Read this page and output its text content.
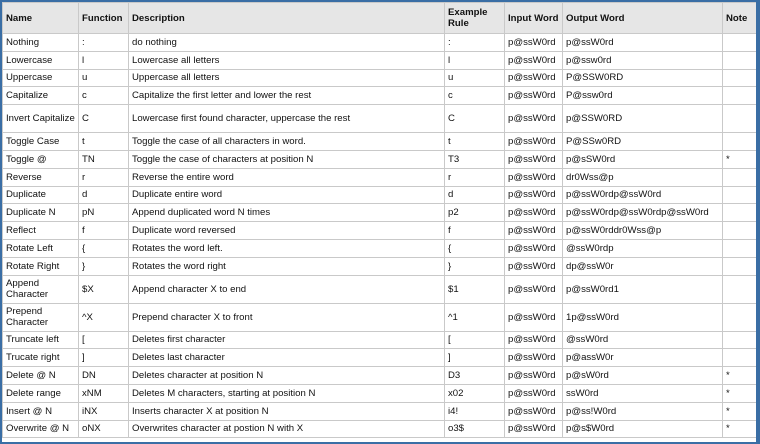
Name	Function	Description	Example Rule	Input Word	Output Word	Note
Nothing	:	do nothing	:	p@ssW0rd	p@ssW0rd	
Lowercase	l	Lowercase all letters	l	p@ssW0rd	p@ssw0rd	
Uppercase	u	Uppercase all letters	u	p@ssW0rd	P@SSW0RD	
Capitalize	c	Capitalize the first letter and lower the rest	c	p@ssW0rd	P@ssw0rd	
Invert Capitalize	C	Lowercase first found character, uppercase the rest	C	p@ssW0rd	p@SSW0RD	
Toggle Case	t	Toggle the case of all characters in word.	t	p@ssW0rd	P@SSw0RD	
Toggle @	TN	Toggle the case of characters at position N	T3	p@ssW0rd	p@sSW0rd	*
Reverse	r	Reverse the entire word	r	p@ssW0rd	dr0Wss@p	
Duplicate	d	Duplicate entire word	d	p@ssW0rd	p@ssW0rdp@ssW0rd	
Duplicate N	pN	Append duplicated word N times	p2	p@ssW0rd	p@ssW0rdp@ssW0rdp@ssW0rd	
Reflect	f	Duplicate word reversed	f	p@ssW0rd	p@ssW0rddr0Wss@p	
Rotate Left	{	Rotates the word left.	{	p@ssW0rd	@ssW0rdp	
Rotate Right	}	Rotates the word right	}	p@ssW0rd	dp@ssW0r	
Append Character	$X	Append character X to end	$1	p@ssW0rd	p@ssW0rd1	
Prepend Character	^X	Prepend character X to front	^1	p@ssW0rd	1p@ssW0rd	
Truncate left	[	Deletes first character	[	p@ssW0rd	@ssW0rd	
Trucate right	]	Deletes last character	]	p@ssW0rd	p@assW0r	
Delete @ N	DN	Deletes character at position N	D3	p@ssW0rd	p@sW0rd	*
Delete range	xNM	Deletes M characters, starting at position N	x02	p@ssW0rd	ssW0rd	*
Insert @ N	iNX	Inserts character X at position N	i4!	p@ssW0rd	p@ss!W0rd	*
Overwrite @ N	oNX	Overwrites character at postion N with X	o3$	p@ssW0rd	p@s$W0rd	*
